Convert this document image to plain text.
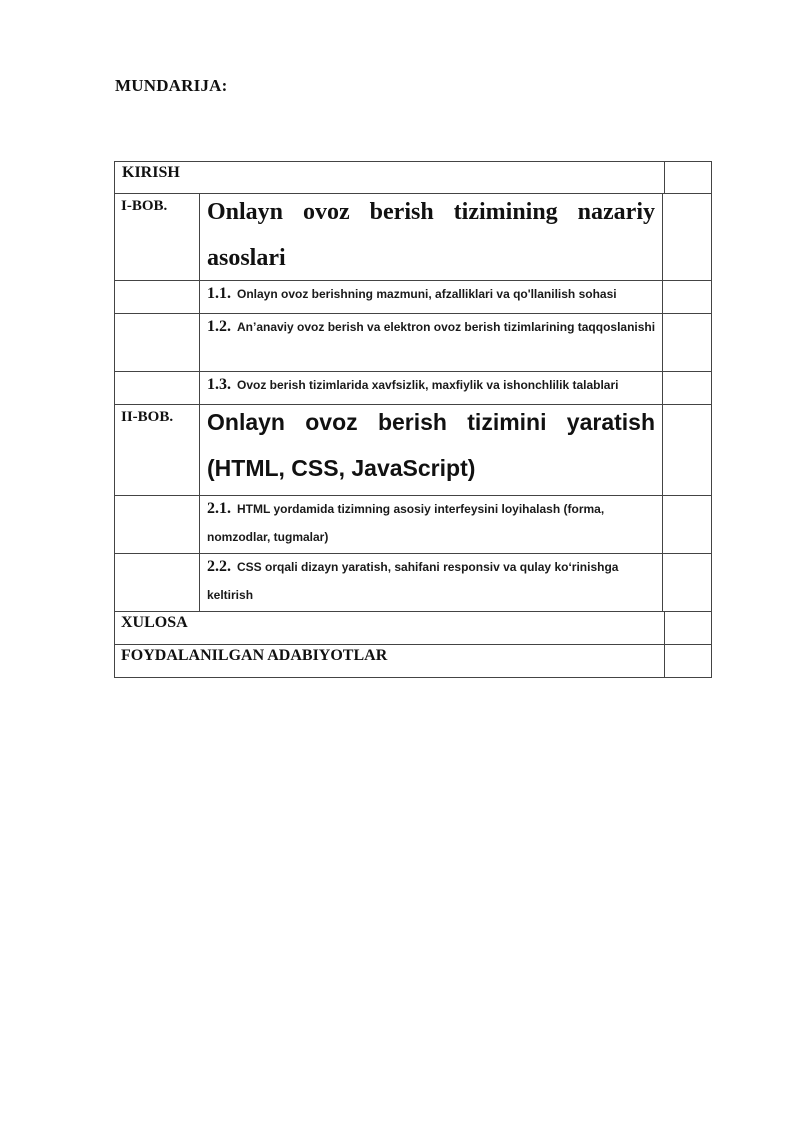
MUNDARIJA:
KIRISH
I-BOB. Onlayn ovoz berish tizimining nazariy asoslari
1.1. Onlayn ovoz berishning mazmuni, afzalliklari va qo'llanilish sohasi
1.2. An’anaviy ovoz berish va elektron ovoz berish tizimlarining taqqoslanishi
1.3. Ovoz berish tizimlarida xavfsizlik, maxfiylik va ishonchlilik talablari
II-BOB. Onlayn ovoz berish tizimini yaratish (HTML, CSS, JavaScript)
2.1. HTML yordamida tizimning asosiy interfeysini loyihalash (forma, nomzodlar, tugmalar)
2.2. CSS orqali dizayn yaratish, sahifani responsiv va qulay ko‘rinishga keltirish
XULOSA
FOYDALANILGAN ADABIYOTLAR
